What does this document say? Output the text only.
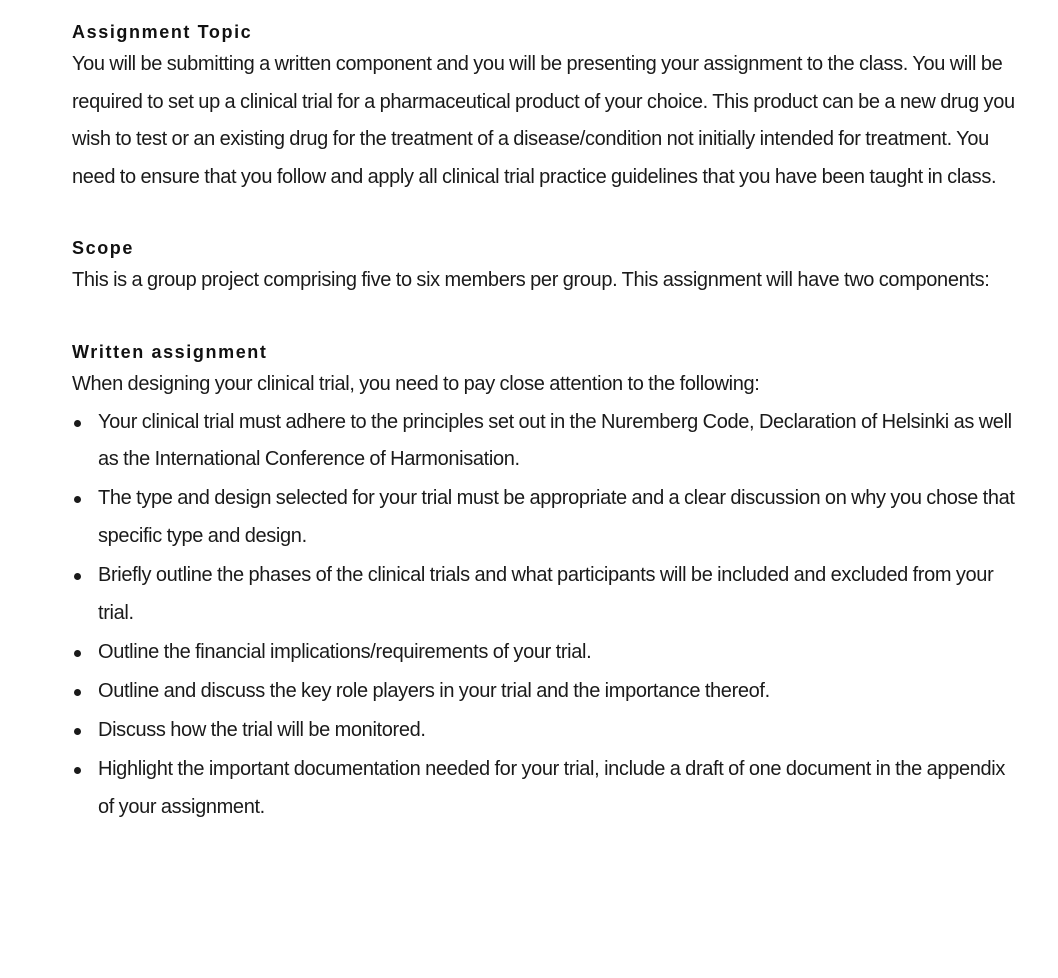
Assignment Topic

You will be submitting a written component and you will be presenting your assignment to the class. You will be required to set up a clinical trial for a pharmaceutical product of your choice. This product can be a new drug you wish to test or an existing drug for the treatment of a disease/condition not initially intended for treatment. You need to ensure that you follow and apply all clinical trial practice guidelines that you have been taught in class.

Scope

This is a group project comprising five to six members per group. This assignment will have two components:

Written assignment

When designing your clinical trial, you need to pay close attention to the following:

Your clinical trial must adhere to the principles set out in the Nuremberg Code, Declaration of Helsinki as well as the International Conference of Harmonisation.
The type and design selected for your trial must be appropriate and a clear discussion on why you chose that specific type and design.
Briefly outline the phases of the clinical trials and what participants will be included and excluded from your trial.
Outline the financial implications/requirements of your trial.
Outline and discuss the key role players in your trial and the importance thereof.
Discuss how the trial will be monitored.
Highlight the important documentation needed for your trial, include a draft of one document in the appendix of your assignment.
